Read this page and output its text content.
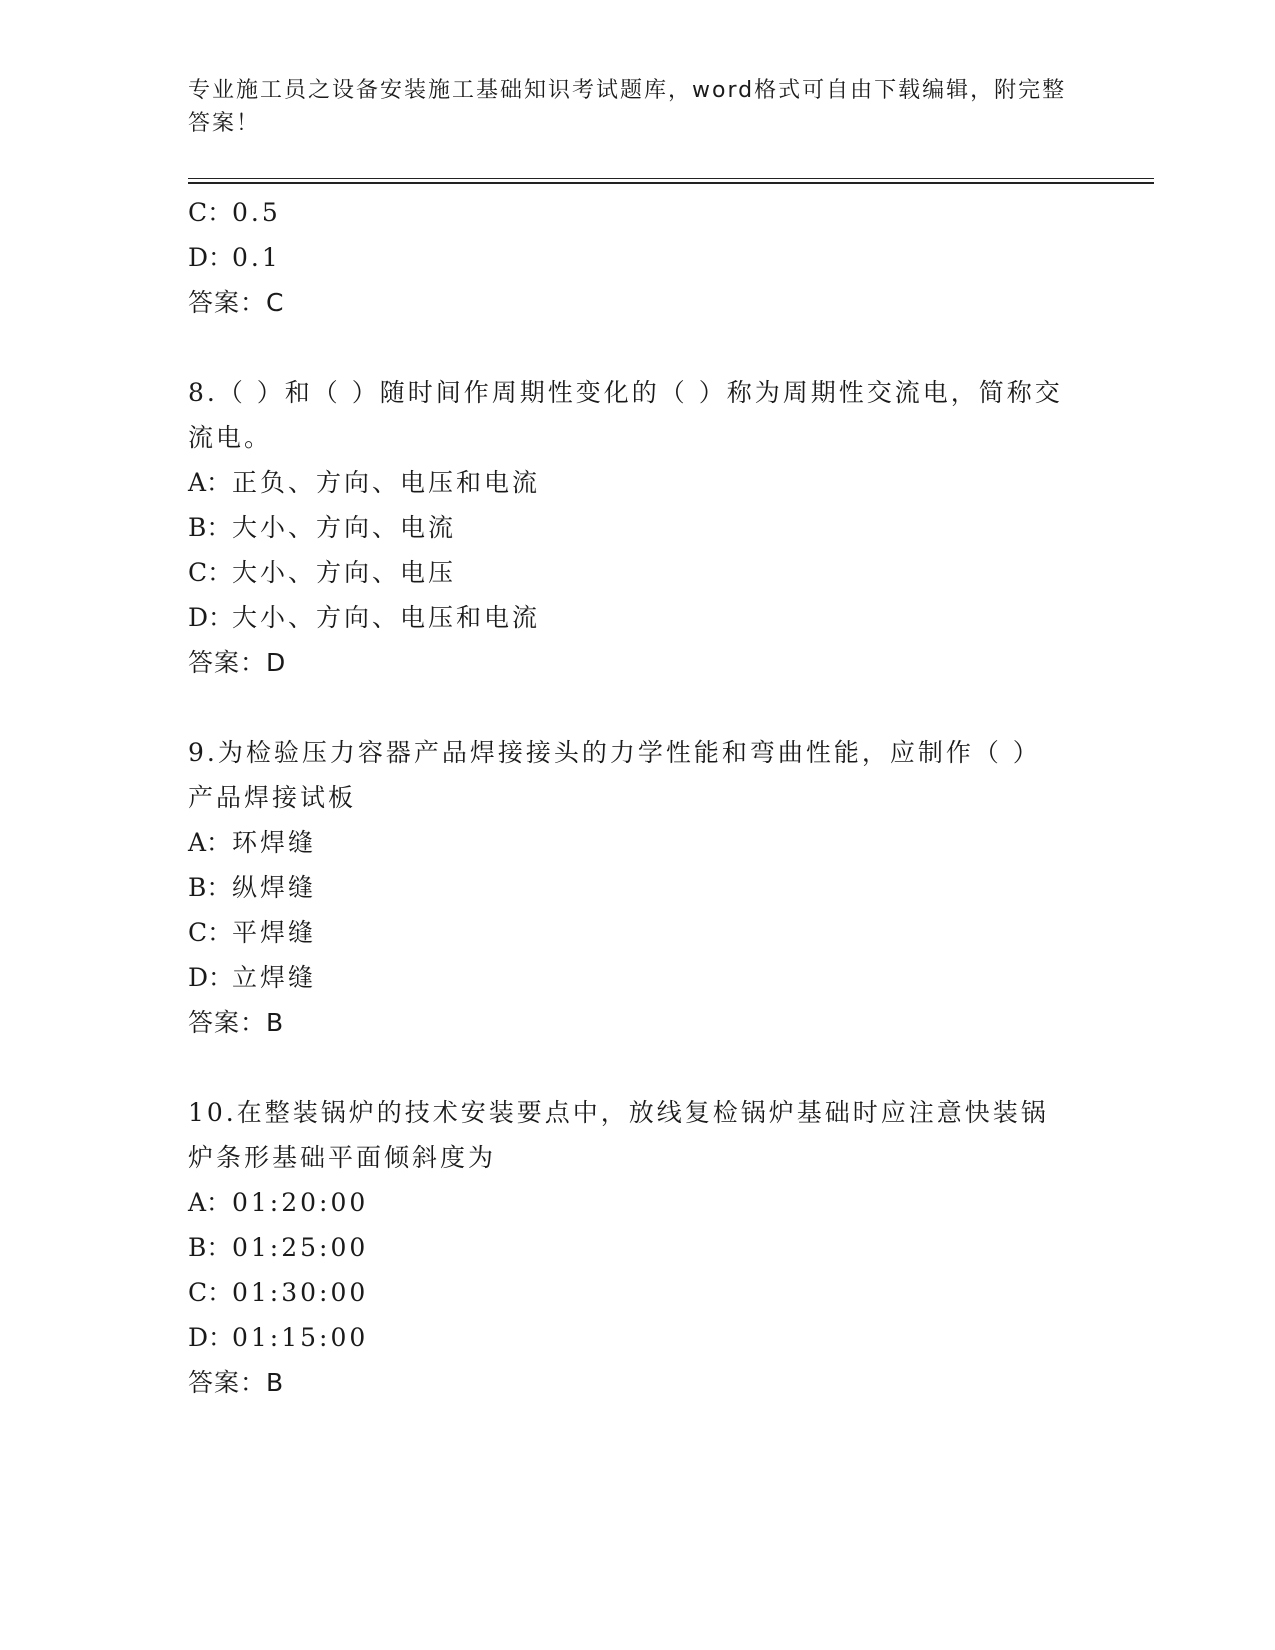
专业施工员之设备安装施工基础知识考试题库，word格式可自由下载编辑，附完整答案！
C：0.5
D：0.1
答案：C
8.（ ）和（ ）随时间作周期性变化的（ ）称为周期性交流电，简称交流电。
A：正负、方向、电压和电流
B：大小、方向、电流
C：大小、方向、电压
D：大小、方向、电压和电流
答案：D
9.为检验压力容器产品焊接接头的力学性能和弯曲性能，应制作（ ）产品焊接试板
A：环焊缝
B：纵焊缝
C：平焊缝
D：立焊缝
答案：B
10.在整装锅炉的技术安装要点中，放线复检锅炉基础时应注意快装锅炉条形基础平面倾斜度为
A：01:20:00
B：01:25:00
C：01:30:00
D：01:15:00
答案：B
